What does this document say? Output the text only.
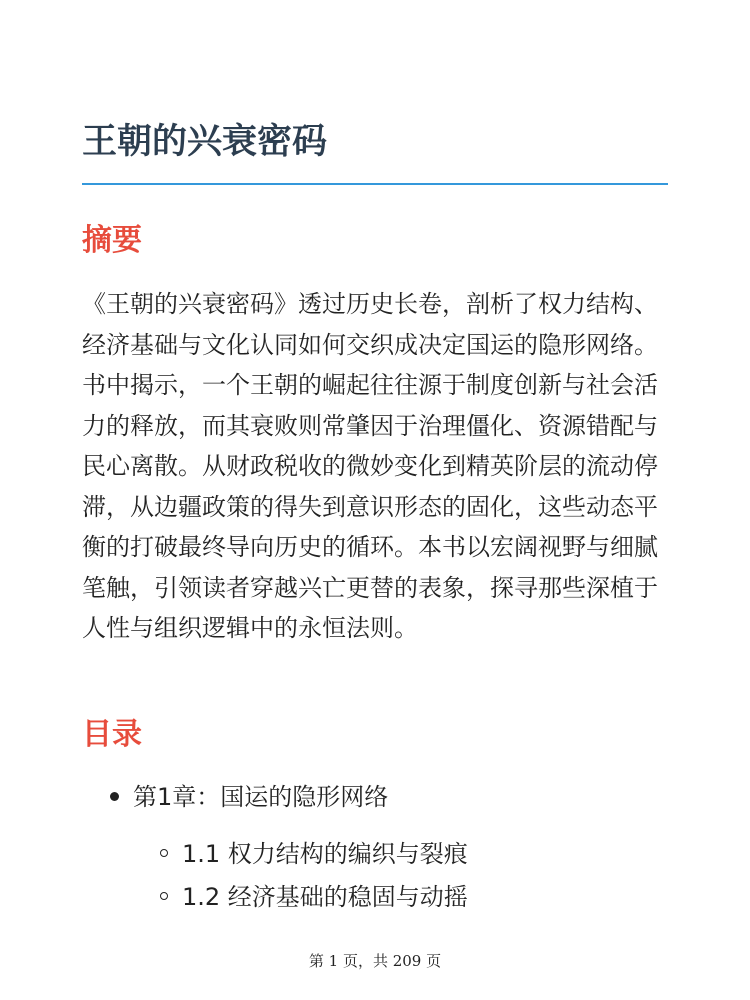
王朝的兴衰密码
摘要

《王朝的兴衰密码》透过历史长卷，剖析了权力结构、经济基础与文化认同如何交织成决定国运的隐形网络。书中揭示，一个王朝的崛起往往源于制度创新与社会活力的释放，而其衰败则常肇因于治理僵化、资源错配与民心离散。从财政税收的微妙变化到精英阶层的流动停滞，从边疆政策的得失到意识形态的固化，这些动态平衡的打破最终导向历史的循环。本书以宏阔视野与细腻笔触，引领读者穿越兴亡更替的表象，探寻那些深植于人性与组织逻辑中的永恒法则。

目录
第1章：国运的隐形网络
1.1 权力结构的编织与裂痕
1.2 经济基础的稳固与动摇
第 1 页，共 209 页
